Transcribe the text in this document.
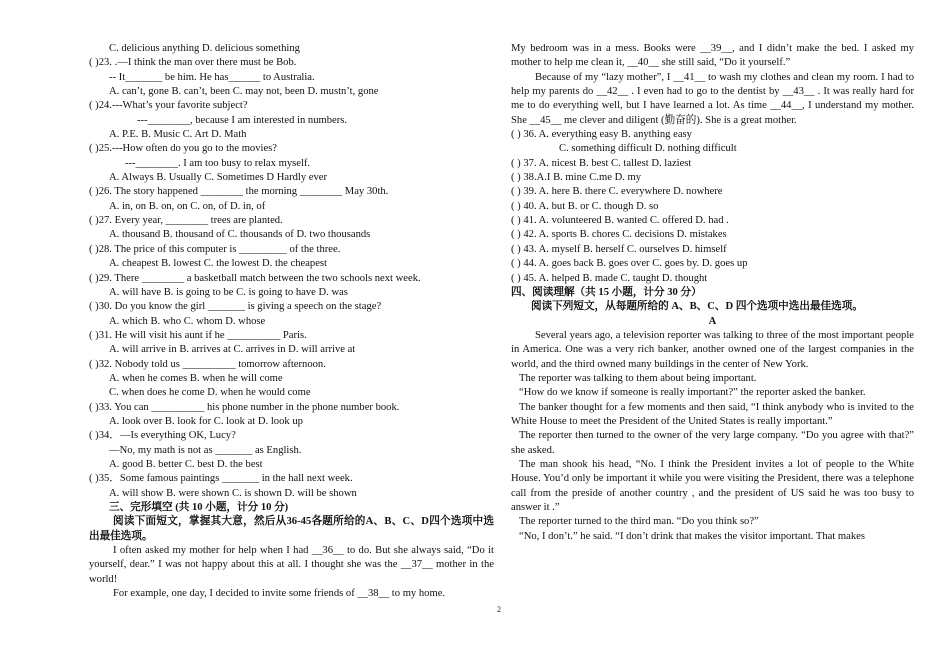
C. delicious anything D. delicious something
( )23. .—I think the man over there must be Bob.
-- It_______ be him. He has______ to Australia.
A. can’t, gone B. can’t, been C. may not, been D. mustn’t, gone
( )24.---What’s your favorite subject?
---________, because I am interested in numbers.
A. P.E. B. Music C. Art D. Math
( )25.---How often do you go to the movies?
---________. I am too busy to relax myself.
A. Always B. Usually C. Sometimes D Hardly ever
( )26. The story happened ________ the morning ________ May 30th.
A. in, on B. on, on C. on, of D. in, of
( )27. Every year, ________ trees are planted.
A. thousand B. thousand of C. thousands of D. two thousands
( )28. The price of this computer is _________ of the three.
A. cheapest B. lowest C. the lowest D. the cheapest
( )29. There ________ a basketball match between the two schools next week.
A. will have B. is going to be C. is going to have D. was
( )30. Do you know the girl _______ is giving a speech on the stage?
A. which B. who C. whom D. whose
( )31. He will visit his aunt if he __________ Paris.
A. will arrive in B. arrives at C. arrives in D. will arrive at
( )32. Nobody told us __________ tomorrow afternoon.
A. when he comes B. when he will come
C. when does he come D. when he would come
( )33. You can __________ his phone number in the phone number book.
A. look over B. look for C. look at D. look up
( )34．—Is everything OK, Lucy?
—No, my math is not as _______ as English.
A. good B. better C. best D. the best
( )35．Some famous paintings _______ in the hall next week.
A. will show B. were shown C. is shown D. will be shown
三、完形填空 (共 10 小题，计分 10 分)
阅读下面短文，掌握其大意，然后从36-45各题所给的A、B、C、D四个选项中选出最佳选项。
I often asked my mother for help when I had __36__ to do. But she always said, “Do it yourself, dear.” I was not happy about this at all. I thought she was the __37__ mother in the world!
For example, one day, I decided to invite some friends of __38__ to my home.
My bedroom was in a mess. Books were __39__, and I didn’t make the bed. I asked my mother to help me clean it, __40__ she still said, “Do it yourself.”
Because of my “lazy mother”, I __41__ to wash my clothes and clean my room. I had to help my parents do __42__ . I even had to go to the dentist by __43__ . It was really hard for me to do everything well, but I have learned a lot. As time __44__, I understand my mother. She __45__ me clever and diligent (勤奋的). She is a great mother.
( ) 36. A. everything easy B. anything easy
C. something difficult D. nothing difficult
( ) 37. A. nicest B. best C. tallest D. laziest
( ) 38.A.I B. mine C.me D. my
( ) 39. A. here B. there C. everywhere D. nowhere
( ) 40. A. but B. or C. though D. so
( ) 41. A. volunteered B. wanted C. offered D. had .
( ) 42. A. sports B. chores C. decisions D. mistakes
( ) 43. A. myself B. herself C. ourselves D. himself
( ) 44. A. goes back B. goes over C. goes by. D. goes up
( ) 45. A. helped B. made C. taught D. thought
四、阅读理解（共 15 小题，计分 30 分）
阅读下列短文，从每题所给的 A、B、C、D 四个选项中选出最佳选项。
A
Several years ago, a television reporter was talking to three of the most important people in America. One was a very rich banker, another owned one of the largest companies in the world, and the third owned many buildings in the center of New York.
The reporter was talking to them about being important.
“How do we know if someone is really important?” the reporter asked the banker.
The banker thought for a few moments and then said, “I think anybody who is invited to the White House to meet the President of the United States is really important.”
The reporter then turned to the owner of the very large company. “Do you agree with that?” she asked.
The man shook his head, “No. I think the President invites a lot of people to the White House. You’d only be important it while you were visiting the President, there was a telephone call from the preside of another country , and the president of US said he was too busy to answer it .”
The reporter turned to the third man. “Do you think so?”
“No, I don’t.” he said. “I don’t drink that makes the visitor important. That makes
2
